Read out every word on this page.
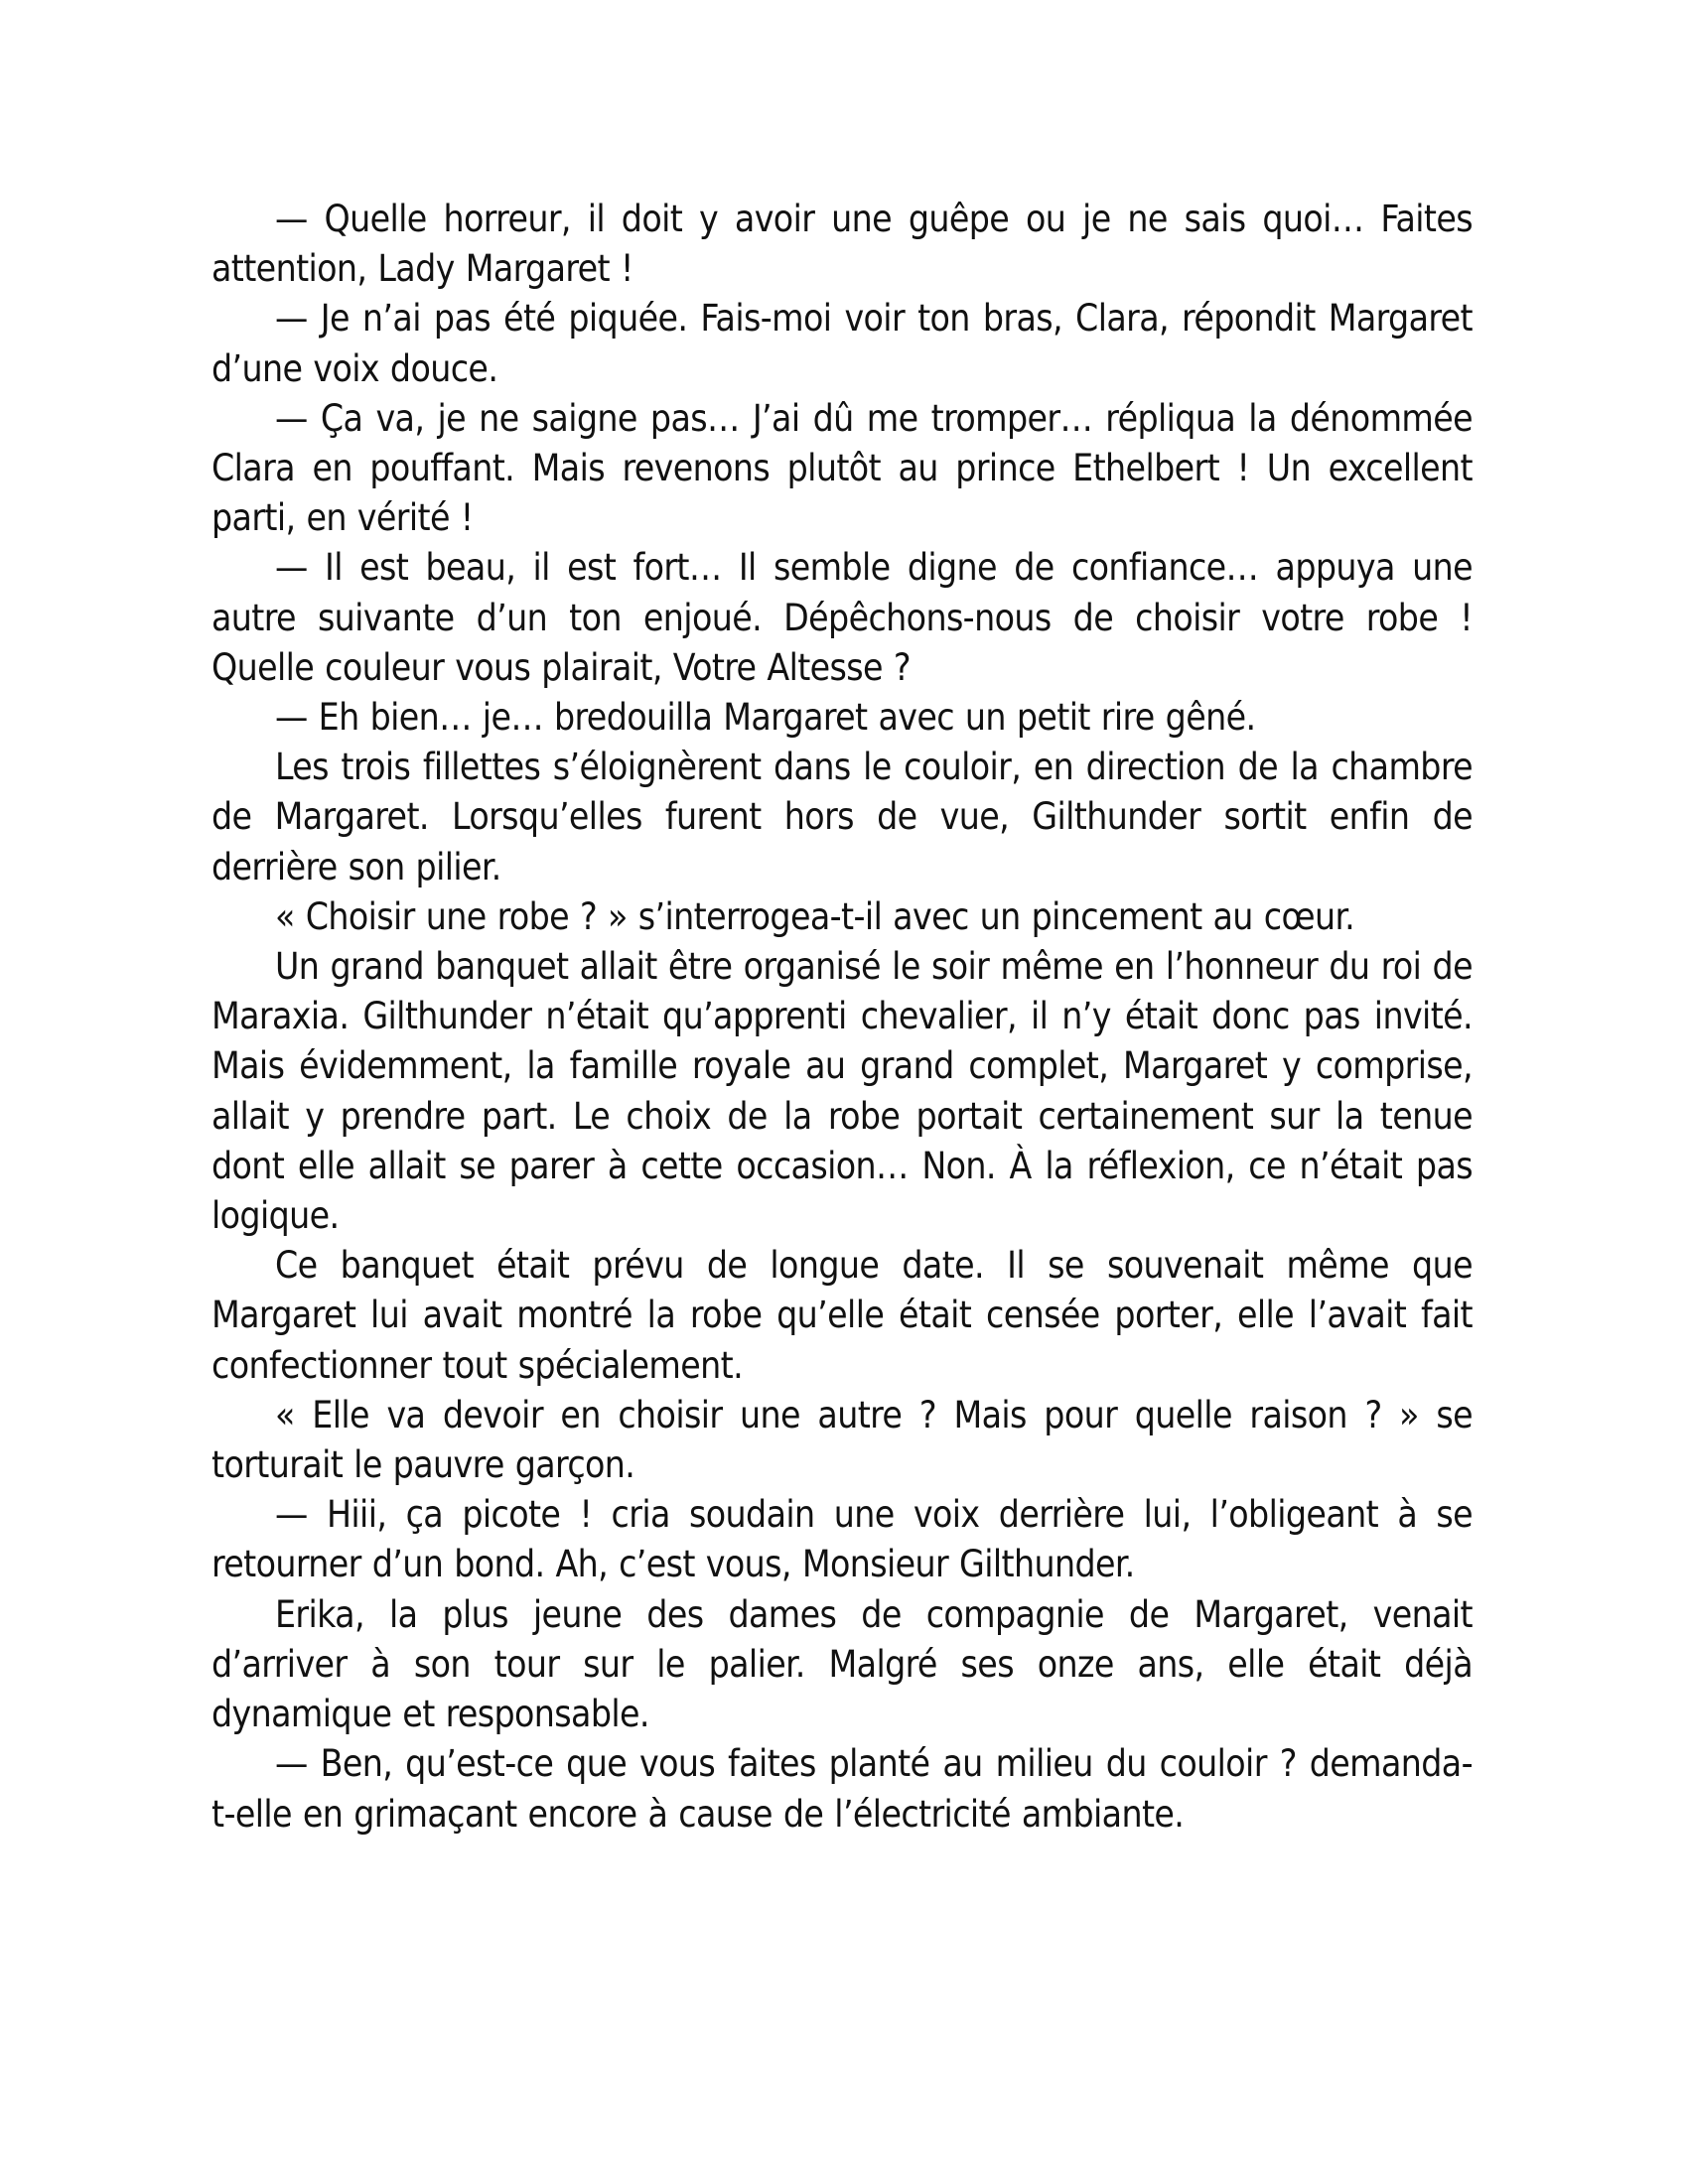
— Quelle horreur, il doit y avoir une guêpe ou je ne sais quoi… Faites attention, Lady Margaret !

— Je n’ai pas été piquée. Fais-moi voir ton bras, Clara, répondit Margaret d’une voix douce.

— Ça va, je ne saigne pas… J’ai dû me tromper… répliqua la dénommée Clara en pouffant. Mais revenons plutôt au prince Ethelbert ! Un excellent parti, en vérité !

— Il est beau, il est fort… Il semble digne de confiance… appuya une autre suivante d’un ton enjoué. Dépêchons-nous de choisir votre robe ! Quelle couleur vous plairait, Votre Altesse ?

— Eh bien… je… bredouilla Margaret avec un petit rire gêné.

Les trois fillettes s’éloignèrent dans le couloir, en direction de la chambre de Margaret. Lorsqu’elles furent hors de vue, Gilthunder sortit enfin de derrière son pilier.

« Choisir une robe ? » s’interrogea-t-il avec un pincement au cœur.

Un grand banquet allait être organisé le soir même en l’honneur du roi de Maraxia. Gilthunder n’était qu’apprenti chevalier, il n’y était donc pas invité. Mais évidemment, la famille royale au grand complet, Margaret y comprise, allait y prendre part. Le choix de la robe portait certainement sur la tenue dont elle allait se parer à cette occasion… Non. À la réflexion, ce n’était pas logique.

Ce banquet était prévu de longue date. Il se souvenait même que Margaret lui avait montré la robe qu’elle était censée porter, elle l’avait fait confectionner tout spécialement.

« Elle va devoir en choisir une autre ? Mais pour quelle raison ? » se torturait le pauvre garçon.

— Hiii, ça picote ! cria soudain une voix derrière lui, l’obligeant à se retourner d’un bond. Ah, c’est vous, Monsieur Gilthunder.

Erika, la plus jeune des dames de compagnie de Margaret, venait d’arriver à son tour sur le palier. Malgré ses onze ans, elle était déjà dynamique et responsable.

— Ben, qu’est-ce que vous faites planté au milieu du couloir ? demanda-t-elle en grimaçant encore à cause de l’électricité ambiante.
